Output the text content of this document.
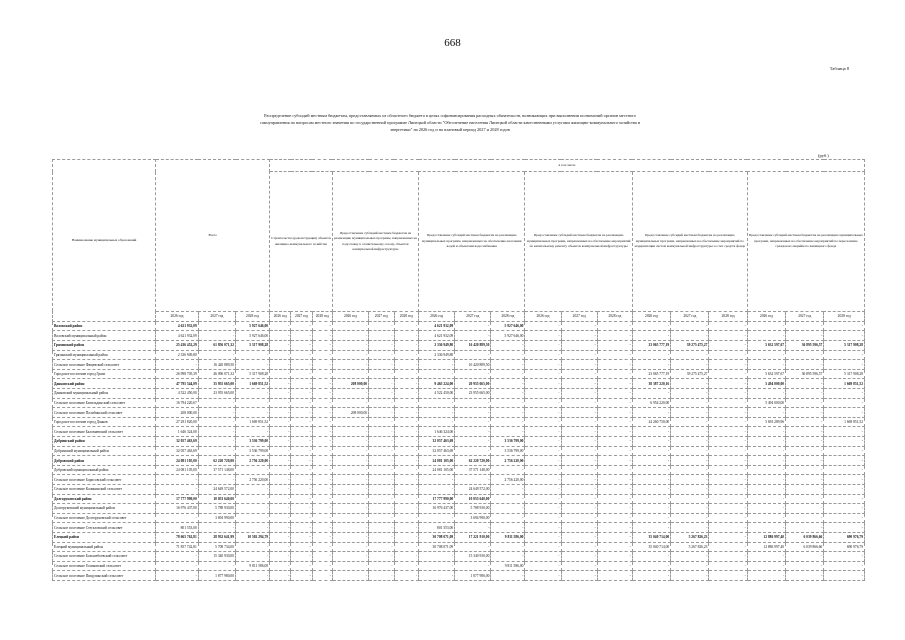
668
Таблица 8
Распределение субсидий местным бюджетам, предоставляемых из областного бюджета в целях софинансирования расходных обязательств, возникающих при выполнении полномочий органов местного самоуправления по вопросам местного значения по государственной программе Липецкой области "Обеспечение населения Липецкой области качественными услугами жилищно-коммунального хозяйства и энергетики" на 2026 год и на плановый период 2027 и 2028 годов
(руб.)
Наименование муниципальных образований	Всего			в том числе																	
				Строительство (реконструкция) объектов жилищно-коммунального хозяйства			Предоставление субсидий местным бюджетам на реализацию муниципальных программ, направленных на подготовку к отопительному сезону, объектов коммунальной инфраструктуры			Предоставление субсидий местным бюджетам на реализацию муниципальных программ, направленных на обеспечение населения водой и объектами водоснабжения			Предоставление субсидий местным бюджетам на реализацию муниципальных программ, направленных на обеспечение мероприятий по капитальному ремонту объектов коммунальной инфраструктуры			Предоставление субсидий местным бюджетам на реализацию муниципальных программ, направленных на обеспечение мероприятий по модернизации систем коммунальной инфраструктуры за счет средств фонда			Предоставление субсидий местным бюджетам на реализацию муниципальных программ, направленных на обеспечение мероприятий по переселению граждан из аварийного жилищного фонда		
	2026 год	2027 год	2028 год	2026 год	2027 год	2028 год	2026 год	2027 год	2028 год	2026 год	2027 год	2028 год	2026 год	2027 год	2028 год	2026 год	2027 год	2028 год	2026 год	2027 год	2028 год
Воловский район	4 621 932,09	-	5 927 646,00	-	-	-	-	-	-	4 621 932,09	-	5 927 646,00	-	-	-	-	-	-	-	-	-
Воловский муниципальный район	4 621 932,09	-	5 927 646,00	-	-	-	-	-	-	4 621 932,09	-	5 927 646,00	-	-	-	-	-	-	-	-	-
Грязинский район	25 436 452,29	61 856 071,32	5 317 908,28	-	-	-	-	-	-	2 336 949,80	16 420 889,50	-	-	-	-	23 065 777,19	39 275 475,27	-	5 632 597,67	36 895 596,57	5 317 908,28
Грязинский муниципальный район	2 336 949,80	-	-	-	-	-	-	-	-	2 336 949,80	-	-	-	-	-	-	-	-	-	-	-
Сельское поселение Фащевский сельсовет	-	16 420 889,50	-	-	-	-	-	-	-	-	16 420 889,50	-	-	-	-	-	-	-	-	-	-
Городское поселение город Грязи	26 998 705,39	46 096 071,32	5 317 908,28	-	-	-	-	-	-	-	-	-	-	-	-	23 065 777,19	39 275 475,27	-	5 632 597,67	36 895 596,57	5 317 908,28
Данковский район	47 795 544,09	35 955 665,00	1 669 851,52	-	-	-	208 000,00	-	-	9 465 224,00	20 955 665,00	-	-	-	-	38 387 220,16	-	-	5 494 000,00	-	1 669 851,52
Данковский муниципальный район	4 522 450,00	23 955 665,00	-	-	-	-	-	-	-	4 522 450,00	23 955 665,00	-	-	-	-	-	-	-	-	-	-
Сельское поселение Бигильдинский сельсовет	16 794 220,67	-	-	-	-	-	-	-	-	-	-	-	-	-	-	6 954 220,00	-	-	5 494 000,00	-	-
Сельское поселение Полибинский сельсовет	208 000,00	-	-	-	-	-	208 000,00	-	-	-	-	-	-	-	-	-	-	-	-	-	-
Городское поселение город Данков	27 291 820,00	-	1 669 851,52	-	-	-	-	-	-	-	-	-	-	-	-	24 260 750,00	-	-	5 693 289,96	-	1 669 851,52
Сельское поселение Баловневский сельсовет	1 646 324,00	-	-	-	-	-	-	-	-	1 646 324,00	-	-	-	-	-	-	-	-	-	-	-
Добринский район	32 057 463,69	-	3 536 799,00	-	-	-	-	-	-	32 057 463,69	-	3 536 799,00	-	-	-	-	-	-	-	-	-
Добринский муниципальный район	32 057 463,69	-	3 536 799,00	-	-	-	-	-	-	32 057 463,69	-	3 536 799,00	-	-	-	-	-	-	-	-	-
Добровский район	24 081 105,00	62 220 720,00	2 756 220,00	-	-	-	-	-	-	24 081 105,00	62 220 720,00	2 756 220,00	-	-	-	-	-	-	-	-	-
Добровский муниципальный район	24 081 105,00	37 571 148,00	-	-	-	-	-	-	-	24 081 105,00	37 571 148,00	-	-	-	-	-	-	-	-	-	-
Сельское поселение Борисовский сельсовет	-	-	2 756 220,00	-	-	-	-	-	-	-	-	2 756 220,00	-	-	-	-	-	-	-	-	-
Сельское поселение Каликинский сельсовет	-	24 649 572,00	-	-	-	-	-	-	-	-	24 649 572,00	-	-	-	-	-	-	-	-	-	-
Долгоруковский район	17 777 990,00	10 053 640,00	-	-	-	-	-	-	-	17 777 990,00	10 053 640,00	-	-	-	-	-	-	-	-	-	-
Долгоруковский муниципальный район	16 976 437,00	5 788 930,00	-	-	-	-	-	-	-	16 976 437,00	5 788 930,00	-	-	-	-	-	-	-	-	-	-
Сельское поселение Долгоруковский сельсовет	-	3 694 990,00	-	-	-	-	-	-	-	-	3 694 990,00	-	-	-	-	-	-	-	-	-	-
Сельское поселение Стегаловский сельсовет	801 553,00	-	-	-	-	-	-	-	-	801 553,00	-	-	-	-	-	-	-	-	-	-	-
Елецкий район	78 665 762,81	28 932 641,99	10 502 294,79	-	-	-	-	-	-	30 708 071,09	17 221 910,00	9 811 586,00	-	-	-	35 040 714,00	5 267 826,23	-	12 886 997,40	6 039 866,66	690 976,79
Елецкий муниципальный район	71 857 742,81	5 708 734,00	-	-	-	-	-	-	-	30 708 071,09	-	-	-	-	-	35 040 714,00	5 267 826,23	-	12 886 997,40	6 039 866,66	690 976,79
Сельское поселение Большебоевский сельсовет	-	15 340 930,00	-	-	-	-	-	-	-	-	15 340 930,00	-	-	-	-	-	-	-	-	-	-
Сельское поселение Голиковский сельсовет	-	-	9 811 586,00	-	-	-	-	-	-	-	-	9 811 586,00	-	-	-	-	-	-	-	-	-
Сельское поселение Пищулинский сельсовет	-	1 877 980,00	-	-	-	-	-	-	-	-	1 877 980,00	-	-	-	-	-	-	-	-	-	-
